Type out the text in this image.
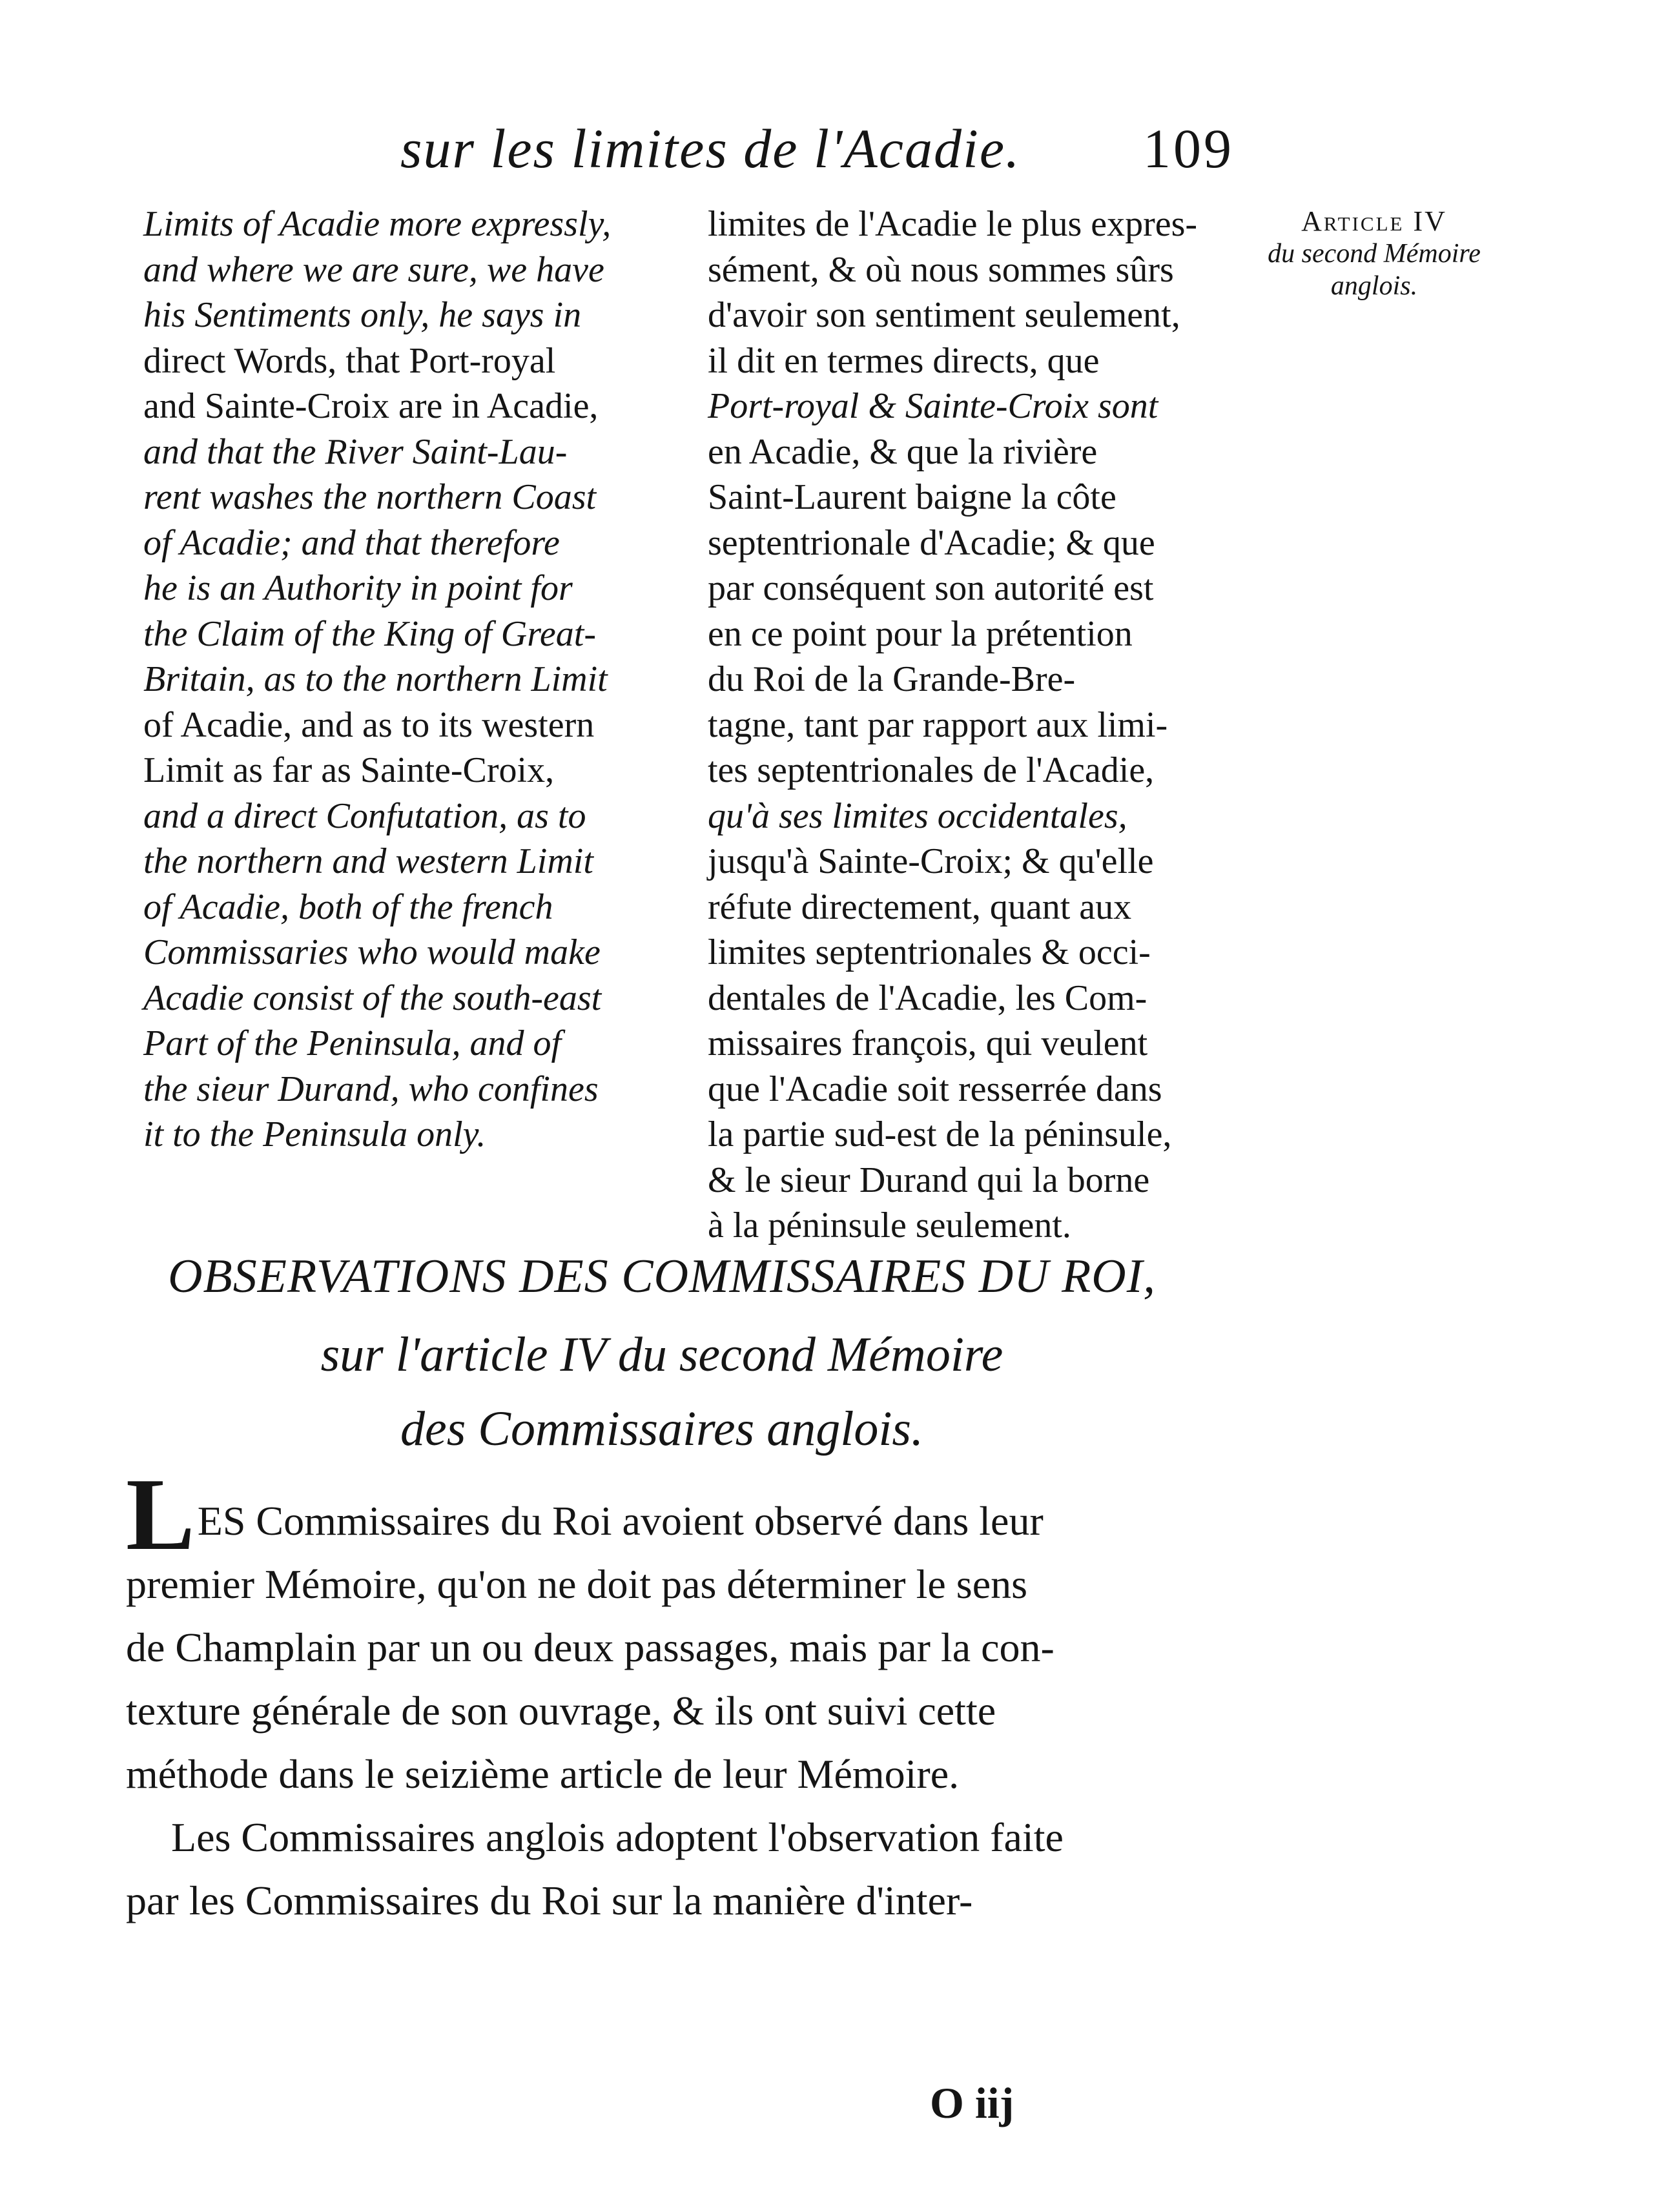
sur les limites de l'Acadie. 109
Article IV
du second Mémoire anglois.
Limits of Acadie more expressly,
and where we are sure, we have
his Sentiments only, he says in
direct Words, that Port-royal
and Sainte-Croix are in Acadie,
and that the River Saint-Lau-
rent washes the northern Coast
of Acadie; and that therefore
he is an Authority in point for
the Claim of the King of Great-
Britain, as to the northern Limit
of Acadie, and as to its western
Limit as far as Sainte-Croix,
and a direct Confutation, as to
the northern and western Limit
of Acadie, both of the french
Commissaries who would make
Acadie consist of the south-east
Part of the Peninsula, and of
the sieur Durand, who confines
it to the Peninsula only.
limites de l'Acadie le plus expres-
sément, & où nous sommes sûrs
d'avoir son sentiment seulement,
il dit en termes directs, que
Port-royal & Sainte-Croix sont
en Acadie, & que la rivière
Saint-Laurent baigne la côte
septentrionale d'Acadie; & que
par conséquent son autorité est
en ce point pour la prétention
du Roi de la Grande-Bre-
tagne, tant par rapport aux limi-
tes septentrionales de l'Acadie,
qu'à ses limites occidentales,
jusqu'à Sainte-Croix; & qu'elle
réfute directement, quant aux
limites septentrionales & occi-
dentales de l'Acadie, les Com-
missaires françois, qui veulent
que l'Acadie soit resserrée dans
la partie sud-est de la péninsule,
& le sieur Durand qui la borne
à la péninsule seulement.
OBSERVATIONS DES COMMISSAIRES DU ROI,
sur l'article IV du second Mémoire
des Commissaires anglois.
LES Commissaires du Roi avoient observé dans leur
premier Mémoire, qu'on ne doit pas déterminer le sens
de Champlain par un ou deux passages, mais par la con-
texture générale de son ouvrage, & ils ont suivi cette
méthode dans le seizième article de leur Mémoire.
Les Commissaires anglois adoptent l'observation faite
par les Commissaires du Roi sur la manière d'inter-
O iij
